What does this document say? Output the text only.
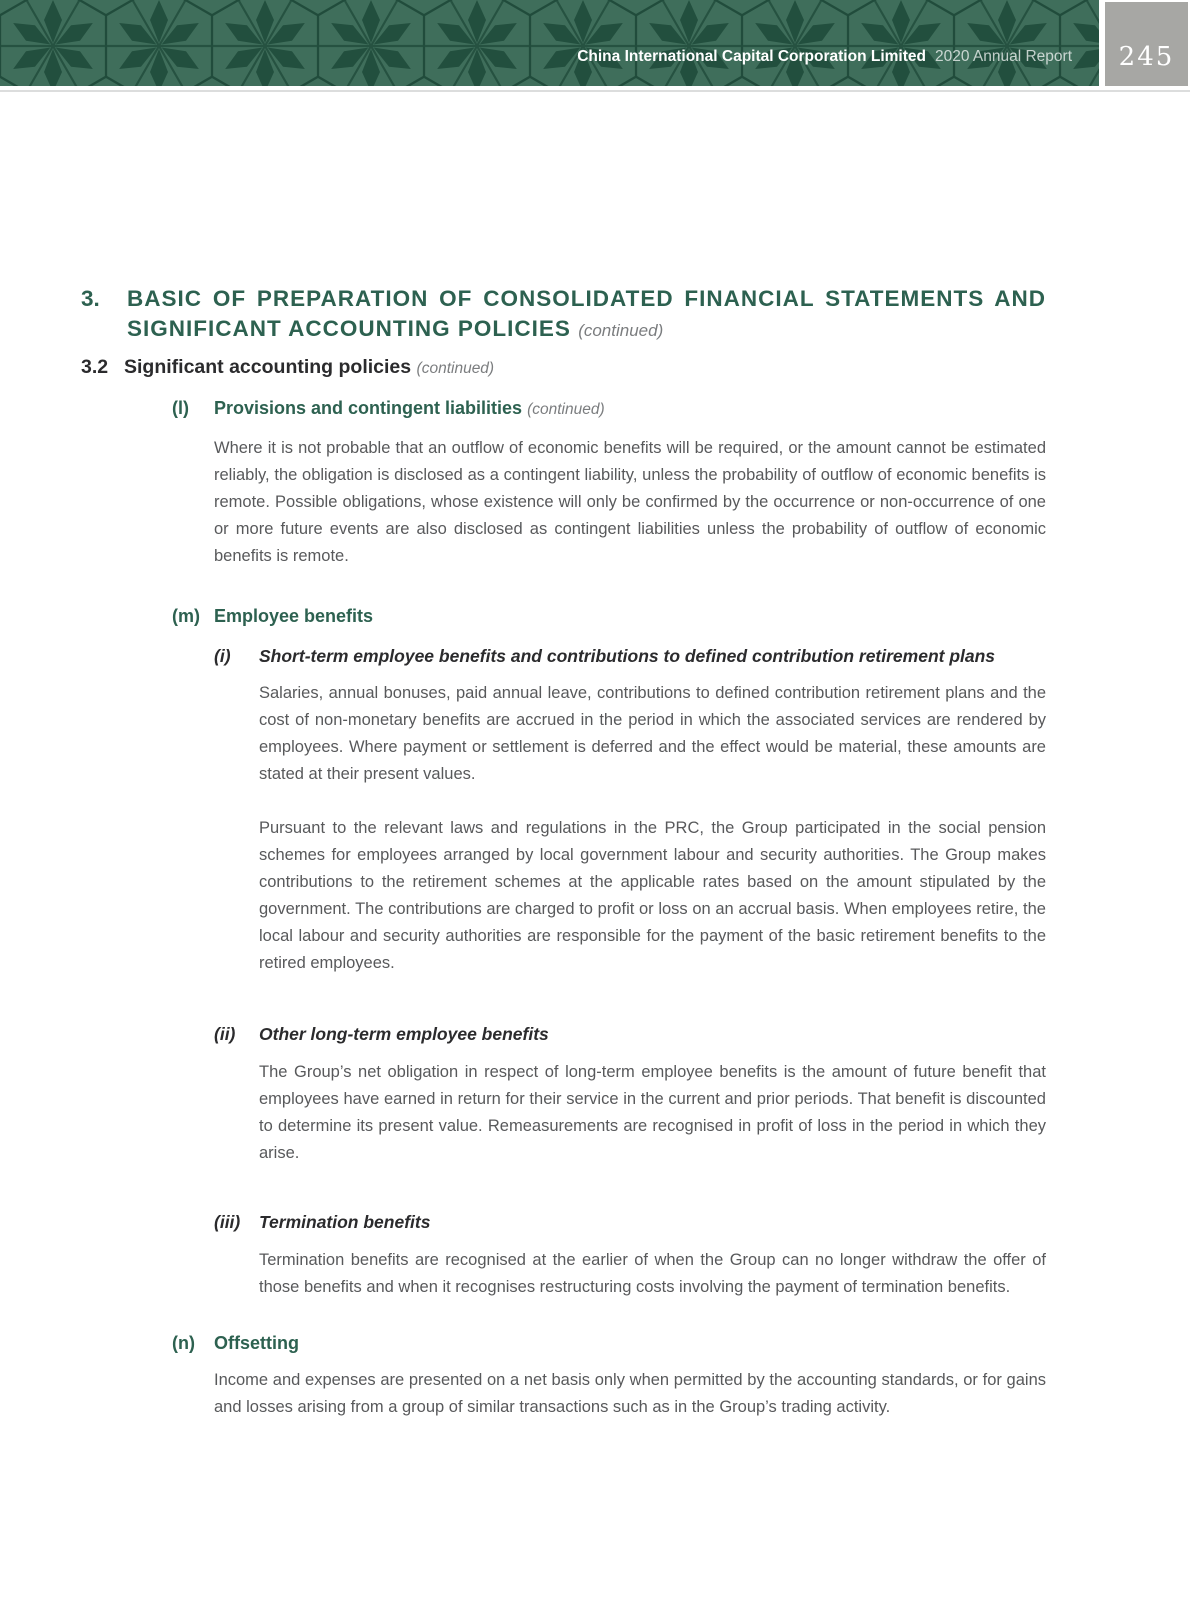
China International Capital Corporation Limited 2020 Annual Report 245
3.	BASIC OF PREPARATION OF CONSOLIDATED FINANCIAL STATEMENTS AND
SIGNIFICANT ACCOUNTING POLICIES (continued)
3.2 Significant accounting policies (continued)
(l)	Provisions and contingent liabilities (continued)

Where it is not probable that an outflow of economic benefits will be required, or the amount cannot be estimated reliably, the obligation is disclosed as a contingent liability, unless the probability of outflow of economic benefits is remote. Possible obligations, whose existence will only be confirmed by the occurrence or non-occurrence of one or more future events are also disclosed as contingent liabilities unless the probability of outflow of economic benefits is remote.

(m) Employee benefits
(i)	Short-term employee benefits and contributions to defined contribution retirement plans

Salaries, annual bonuses, paid annual leave, contributions to defined contribution retirement plans and the cost of non-monetary benefits are accrued in the period in which the associated services are rendered by employees. Where payment or settlement is deferred and the effect would be material, these amounts are stated at their present values.

Pursuant to the relevant laws and regulations in the PRC, the Group participated in the social pension schemes for employees arranged by local government labour and security authorities. The Group makes contributions to the retirement schemes at the applicable rates based on the amount stipulated by the government. The contributions are charged to profit or loss on an accrual basis. When employees retire, the local labour and security authorities are responsible for the payment of the basic retirement benefits to the retired employees.

(ii)	Other long-term employee benefits

The Group’s net obligation in respect of long-term employee benefits is the amount of future benefit that employees have earned in return for their service in the current and prior periods. That benefit is discounted to determine its present value. Remeasurements are recognised in profit of loss in the period in which they arise.

(iii)	Termination benefits

Termination benefits are recognised at the earlier of when the Group can no longer withdraw the offer of those benefits and when it recognises restructuring costs involving the payment of termination benefits.

(n)	Offsetting

Income and expenses are presented on a net basis only when permitted by the accounting standards, or for gains and losses arising from a group of similar transactions such as in the Group’s trading activity.
